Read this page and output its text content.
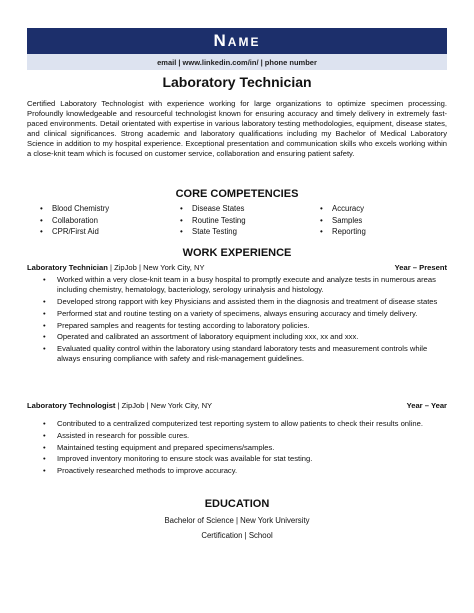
Name
email | www.linkedin.com/in/ | phone number
Laboratory Technician
Certified Laboratory Technologist with experience working for large organizations to optimize specimen processing. Profoundly knowledgeable and resourceful technologist known for ensuring accuracy and timely delivery in extremely fast-paced environments. Detail orientated with expertise in various laboratory testing methodologies, equipment, disease states, and clinical significances. Strong academic and laboratory qualifications including my Bachelor of Medical Laboratory Science in addition to my hospital experience. Exceptional presentation and communication skills who excels working within a close-knit team which is focused on customer service, collaboration and ensuring patient safety.
CORE COMPETENCIES
•	Blood Chemistry	•	Disease States	•	Accuracy
•	Collaboration	•	Routine Testing	•	Samples
•	CPR/First Aid	•	State Testing	•	Reporting
WORK EXPERIENCE
Laboratory Technician | ZipJob | New York City, NY	Year – Present
• Worked within a very close-knit team in a busy hospital to promptly execute and analyze tests in numerous areas including chemistry, hematology, bacteriology, serology urinalysis and histology.
• Developed strong rapport with key Physicians and assisted them in the diagnosis and treatment of disease states
• Performed stat and routine testing on a variety of specimens, always ensuring accuracy and timely delivery.
• Prepared samples and reagents for testing according to laboratory policies.
• Operated and calibrated an assortment of laboratory equipment including xxx, xx and xxx.
• Evaluated quality control within the laboratory using standard laboratory tests and measurement controls while always ensuring compliance with safety and risk-management guidelines.
Laboratory Technologist | ZipJob | New York City, NY	Year – Year
• Contributed to a centralized computerized test reporting system to allow patients to check their results online.
• Assisted in research for possible cures.
• Maintained testing equipment and prepared specimens/samples.
• Improved inventory monitoring to ensure stock was available for stat testing.
• Proactively researched methods to improve accuracy.
EDUCATION
Bachelor of Science | New York University
Certification | School
